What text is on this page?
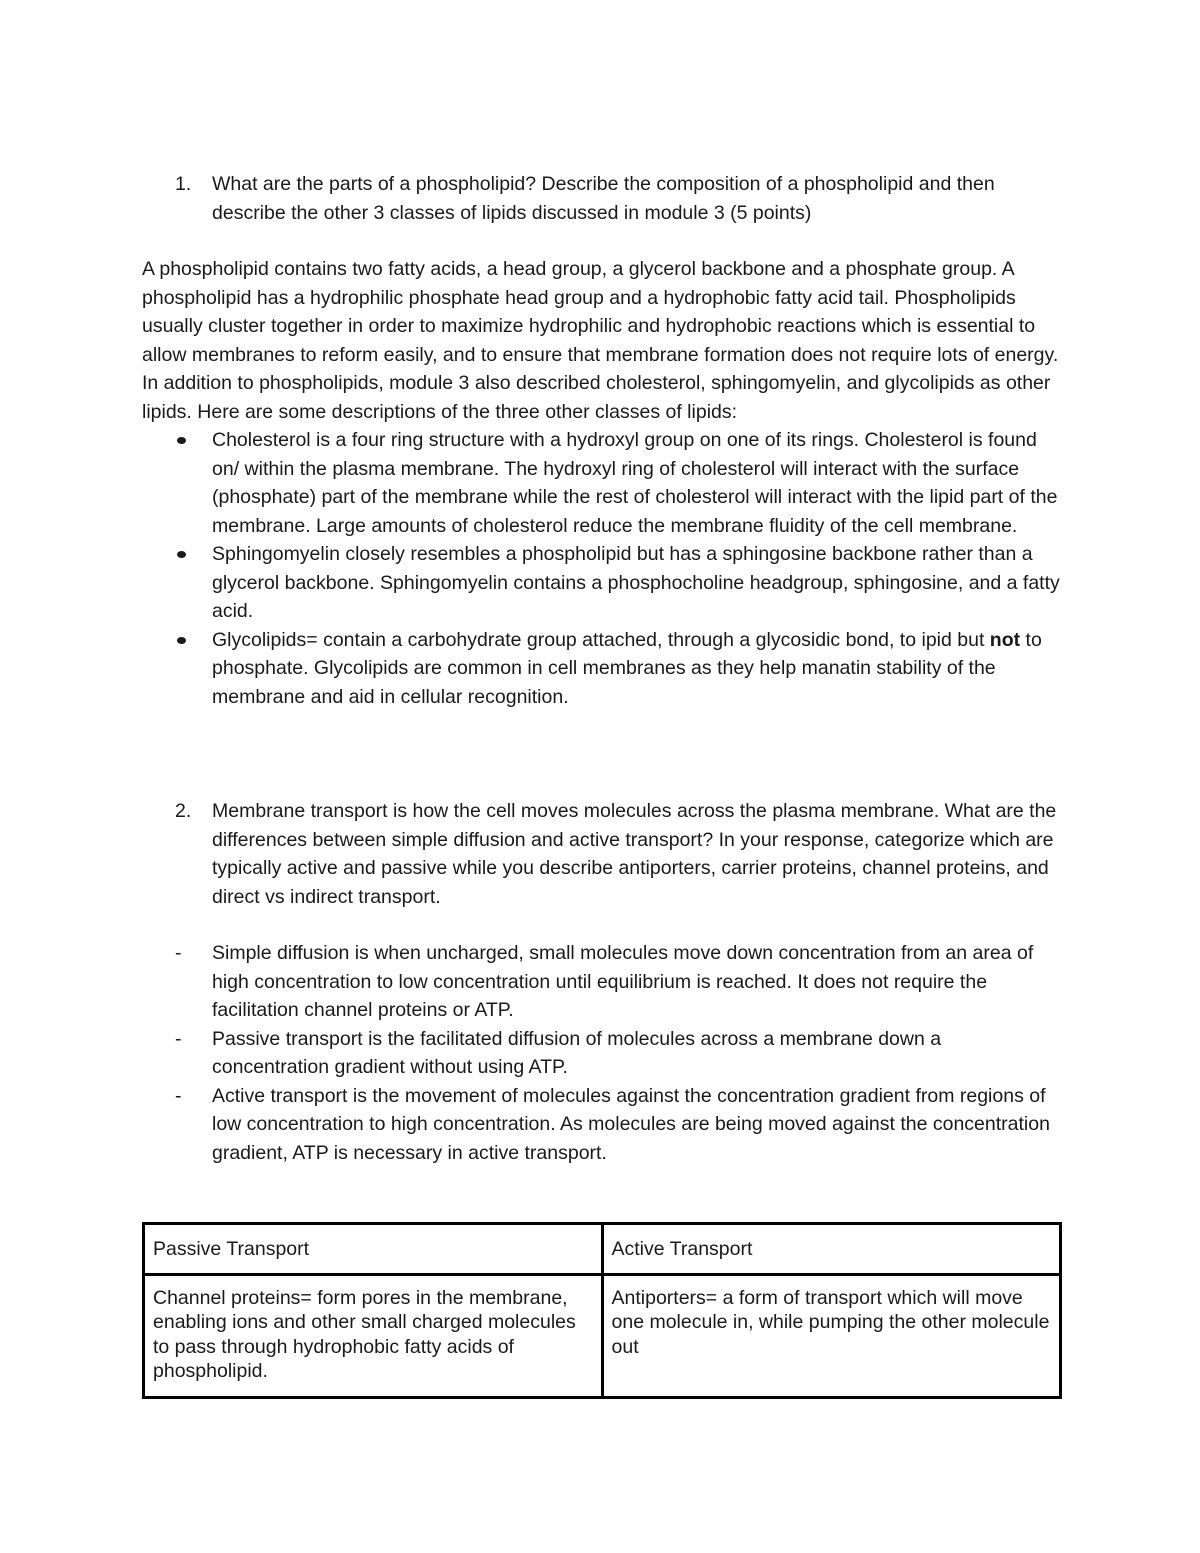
1. What are the parts of a phospholipid? Describe the composition of a phospholipid and then describe the other 3 classes of lipids discussed in module 3 (5 points)

A phospholipid contains two fatty acids, a head group, a glycerol backbone and a phosphate group. A phospholipid has a hydrophilic phosphate head group and a hydrophobic fatty acid tail. Phospholipids usually cluster together in order to maximize hydrophilic and hydrophobic reactions which is essential to allow membranes to reform easily, and to ensure that membrane formation does not require lots of energy. In addition to phospholipids, module 3 also described cholesterol, sphingomyelin, and glycolipids as other lipids. Here are some descriptions of the three other classes of lipids:

Cholesterol is a four ring structure with a hydroxyl group on one of its rings. Cholesterol is found on/ within the plasma membrane. The hydroxyl ring of cholesterol will interact with the surface (phosphate) part of the membrane while the rest of cholesterol will interact with the lipid part of the membrane. Large amounts of cholesterol reduce the membrane fluidity of the cell membrane.

Sphingomyelin closely resembles a phospholipid but has a sphingosine backbone rather than a glycerol backbone. Sphingomyelin contains a phosphocholine headgroup, sphingosine, and a fatty acid.

Glycolipids= contain a carbohydrate group attached, through a glycosidic bond, to ipid but not to phosphate. Glycolipids are common in cell membranes as they help manatin stability of the membrane and aid in cellular recognition.

2. Membrane transport is how the cell moves molecules across the plasma membrane. What are the differences between simple diffusion and active transport? In your response, categorize which are typically active and passive while you describe antiporters, carrier proteins, channel proteins, and direct vs indirect transport.

- Simple diffusion is when uncharged, small molecules move down concentration from an area of high concentration to low concentration until equilibrium is reached. It does not require the facilitation channel proteins or ATP.

- Passive transport is the facilitated diffusion of molecules across a membrane down a concentration gradient without using ATP.

- Active transport is the movement of molecules against the concentration gradient from regions of low concentration to high concentration. As molecules are being moved against the concentration gradient, ATP is necessary in active transport.

Passive Transport	Active Transport
Channel proteins= form pores in the membrane, enabling ions and other small charged molecules to pass through hydrophobic fatty acids of phospholipid.	Antiporters= a form of transport which will move one molecule in, while pumping the other molecule out
